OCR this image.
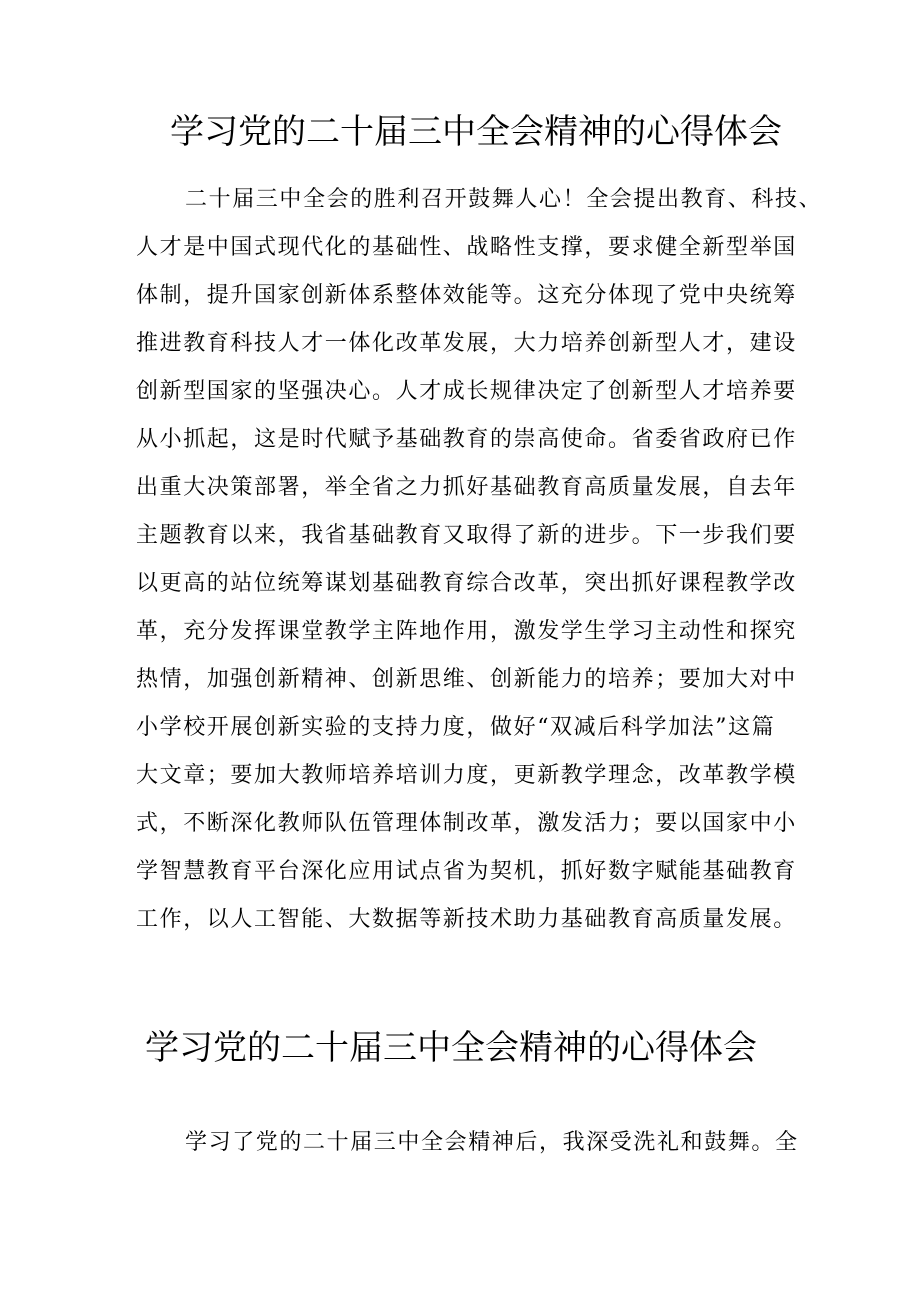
学习党的二十届三中全会精神的心得体会
二十届三中全会的胜利召开鼓舞人心！全会提出教育、科技、
人才是中国式现代化的基础性、战略性支撑，要求健全新型举国
体制，提升国家创新体系整体效能等。这充分体现了党中央统筹
推进教育科技人才一体化改革发展，大力培养创新型人才，建设
创新型国家的坚强决心。人才成长规律决定了创新型人才培养要
从小抓起，这是时代赋予基础教育的崇高使命。省委省政府已作
出重大决策部署，举全省之力抓好基础教育高质量发展，自去年
主题教育以来，我省基础教育又取得了新的进步。下一步我们要
以更高的站位统筹谋划基础教育综合改革，突出抓好课程教学改
革，充分发挥课堂教学主阵地作用，激发学生学习主动性和探究
热情，加强创新精神、创新思维、创新能力的培养；要加大对中
小学校开展创新实验的支持力度，做好“双减后科学加法”这篇
大文章；要加大教师培养培训力度，更新教学理念，改革教学模
式，不断深化教师队伍管理体制改革，激发活力；要以国家中小
学智慧教育平台深化应用试点省为契机，抓好数字赋能基础教育
工作，以人工智能、大数据等新技术助力基础教育高质量发展。
学习党的二十届三中全会精神的心得体会
学习了党的二十届三中全会精神后，我深受洗礼和鼓舞。全
